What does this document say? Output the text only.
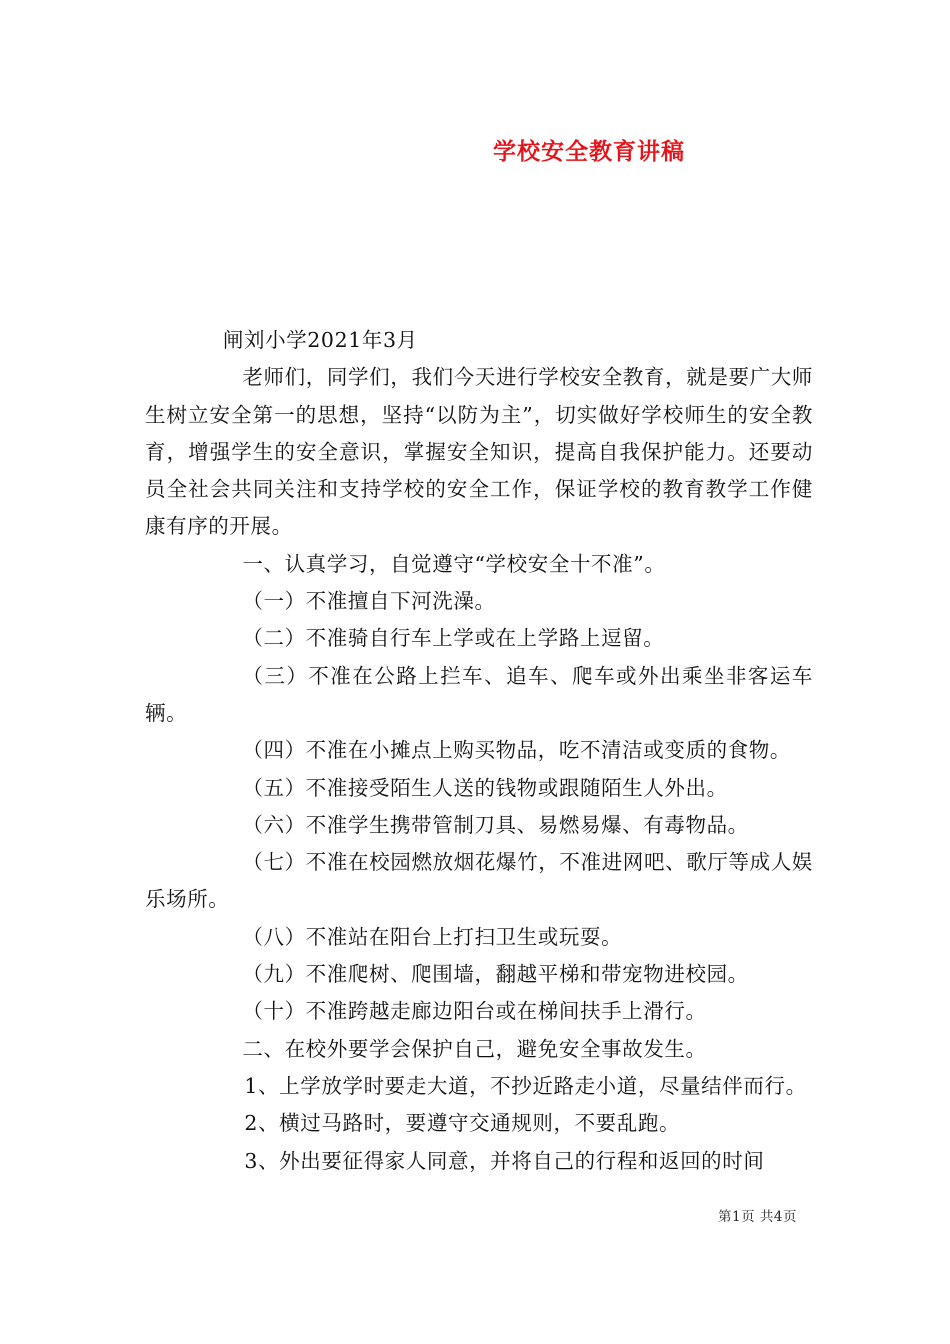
学校安全教育讲稿

闸刘小学2021年3月

老师们，同学们，我们今天进行学校安全教育，就是要广大师生树立安全第一的思想，坚持“以防为主”，切实做好学校师生的安全教育，增强学生的安全意识，掌握安全知识，提高自我保护能力。还要动员全社会共同关注和支持学校的安全工作，保证学校的教育教学工作健康有序的开展。

一、认真学习，自觉遵守“学校安全十不准”。

（一）不准擅自下河洗澡。

（二）不准骑自行车上学或在上学路上逗留。

（三）不准在公路上拦车、追车、爬车或外出乘坐非客运车辆。

（四）不准在小摊点上购买物品，吃不清洁或变质的食物。

（五）不准接受陌生人送的钱物或跟随陌生人外出。

（六）不准学生携带管制刀具、易燃易爆、有毒物品。

（七）不准在校园燃放烟花爆竹，不准进网吧、歌厅等成人娱乐场所。

（八）不准站在阳台上打扫卫生或玩耍。

（九）不准爬树、爬围墙，翻越平梯和带宠物进校园。

（十）不准跨越走廊边阳台或在梯间扶手上滑行。

二、在校外要学会保护自己，避免安全事故发生。

1、上学放学时要走大道，不抄近路走小道，尽量结伴而行。

2、横过马路时，要遵守交通规则，不要乱跑。

3、外出要征得家人同意，并将自己的行程和返回的时间

第1页 共4页
